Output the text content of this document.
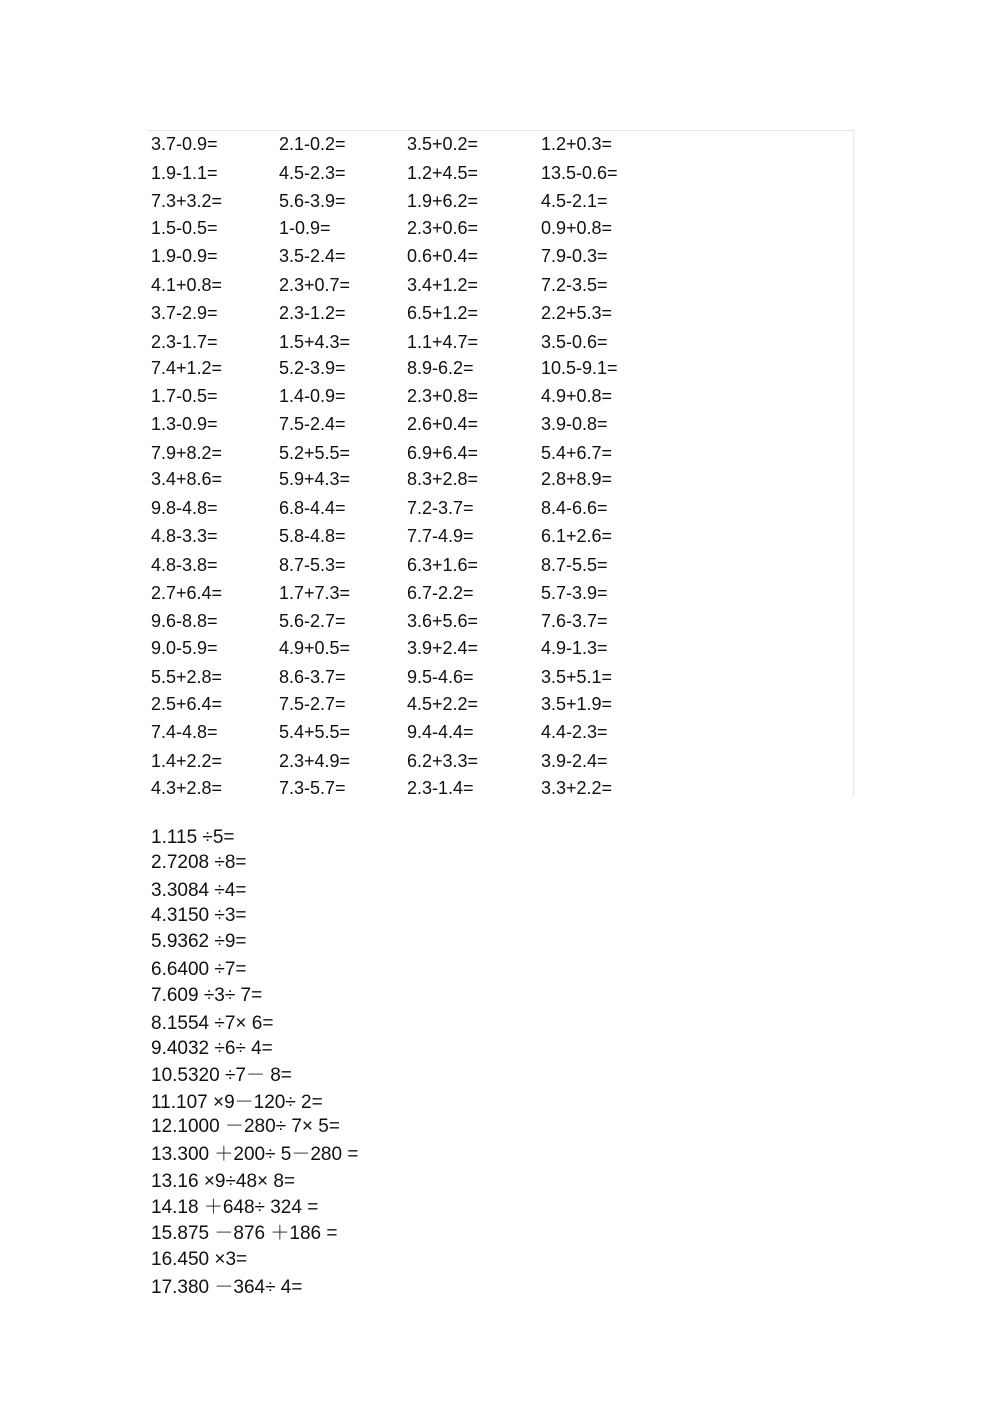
3.7-0.9=	2.1-0.2=	3.5+0.2=	1.2+0.3=
1.9-1.1=	4.5-2.3=	1.2+4.5=	13.5-0.6=
7.3+3.2=	5.6-3.9=	1.9+6.2=	4.5-2.1=
1.5-0.5=	1-0.9=	2.3+0.6=	0.9+0.8=
1.9-0.9=	3.5-2.4=	0.6+0.4=	7.9-0.3=
4.1+0.8=	2.3+0.7=	3.4+1.2=	7.2-3.5=
3.7-2.9=	2.3-1.2=	6.5+1.2=	2.2+5.3=
2.3-1.7=	1.5+4.3=	1.1+4.7=	3.5-0.6=
7.4+1.2=	5.2-3.9=	8.9-6.2=	10.5-9.1=
1.7-0.5=	1.4-0.9=	2.3+0.8=	4.9+0.8=
1.3-0.9=	7.5-2.4=	2.6+0.4=	3.9-0.8=
7.9+8.2=	5.2+5.5=	6.9+6.4=	5.4+6.7=
3.4+8.6=	5.9+4.3=	8.3+2.8=	2.8+8.9=
9.8-4.8=	6.8-4.4=	7.2-3.7=	8.4-6.6=
4.8-3.3=	5.8-4.8=	7.7-4.9=	6.1+2.6=
4.8-3.8=	8.7-5.3=	6.3+1.6=	8.7-5.5=
2.7+6.4=	1.7+7.3=	6.7-2.2=	5.7-3.9=
9.6-8.8=	5.6-2.7=	3.6+5.6=	7.6-3.7=
9.0-5.9=	4.9+0.5=	3.9+2.4=	4.9-1.3=
5.5+2.8=	8.6-3.7=	9.5-4.6=	3.5+5.1=
2.5+6.4=	7.5-2.7=	4.5+2.2=	3.5+1.9=
7.4-4.8=	5.4+5.5=	9.4-4.4=	4.4-2.3=
1.4+2.2=	2.3+4.9=	6.2+3.3=	3.9-2.4=
4.3+2.8=	7.3-5.7=	2.3-1.4=	3.3+2.2=
1.115 ÷5=
2.7208 ÷8=
3.3084 ÷4=
4.3150 ÷3=
5.9362 ÷9=
6.6400 ÷7=
7.609 ÷3÷ 7=
8.1554 ÷7× 6=
9.4032 ÷6÷ 4=
10.5320 ÷7－ 8=
11.107 ×9－120÷ 2=
12.1000 －280÷ 7× 5=
13.300 ＋200÷ 5－280 =
13.16 ×9÷48× 8=
14.18 ＋648÷ 324 =
15.875 －876 ＋186 =
16.450 ×3=
17.380 －364÷ 4=
